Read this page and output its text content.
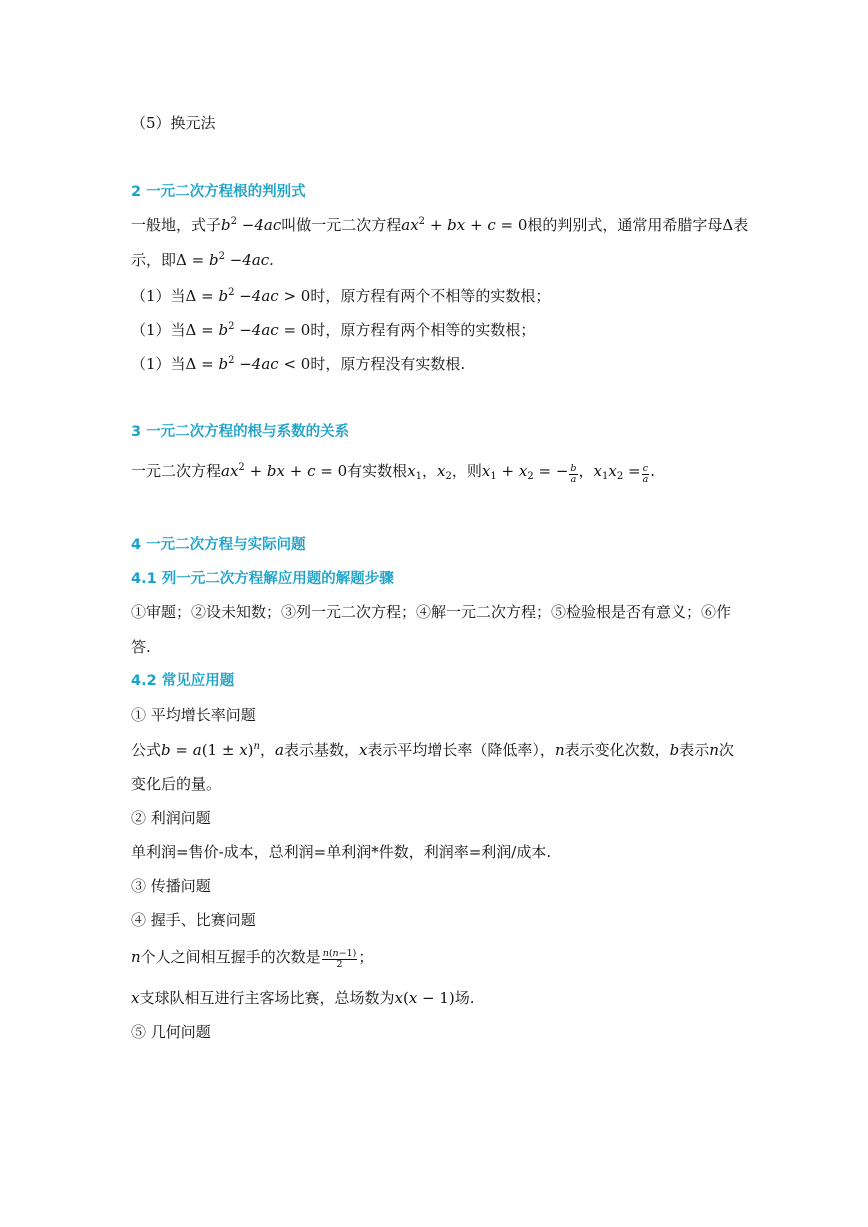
（5）换元法
2 一元二次方程根的判别式
一般地，式子$b^2 -4ac$叫做一元二次方程$ax^2$ + bx + c = 0根的判别式，通常用希腊字母Δ表
示，即$\Delta = b^2 -4ac$.
（1）当$\Delta = b^2 -4ac > 0$时，原方程有两个不相等的实数根；
（1）当$\Delta = b^2 -4ac = 0$时，原方程有两个相等的实数根；
（1）当$\Delta = b^2 -4ac < 0$时，原方程没有实数根.
3 一元二次方程的根与系数的关系
一元二次方程$ax^2$ + bx + c = 0有实数根$x_1$，$x_2$，则$x_1 + x_2$ = − $\frac{b}{a}$ ，$x_1x_2 = \frac{c}{a}$ .
4 一元二次方程与实际问题
4.1 列一元二次方程解应用题的解题步骤
①审题；②设未知数；③列一元二次方程；④解一元二次方程；⑤检验根是否有意义；⑥作
答.
4.2 常见应用题
① 平均增长率问题
公式$b = a(1 \pm x)^n$，a表示基数，x表示平均增长率（降低率），n表示变化次数，b表示n次
变化后的量。
② 利润问题
单利润=售价-成本，总利润=单利润*件数，利润率=利润/成本.
③ 传播问题
④ 握手、比赛问题
n个人之间相互握手的次数是 $\frac{n(n-1)}{2}$ ；
x支球队相互进行主客场比赛，总场数为x(x − 1)场.
⑤ 几何问题
